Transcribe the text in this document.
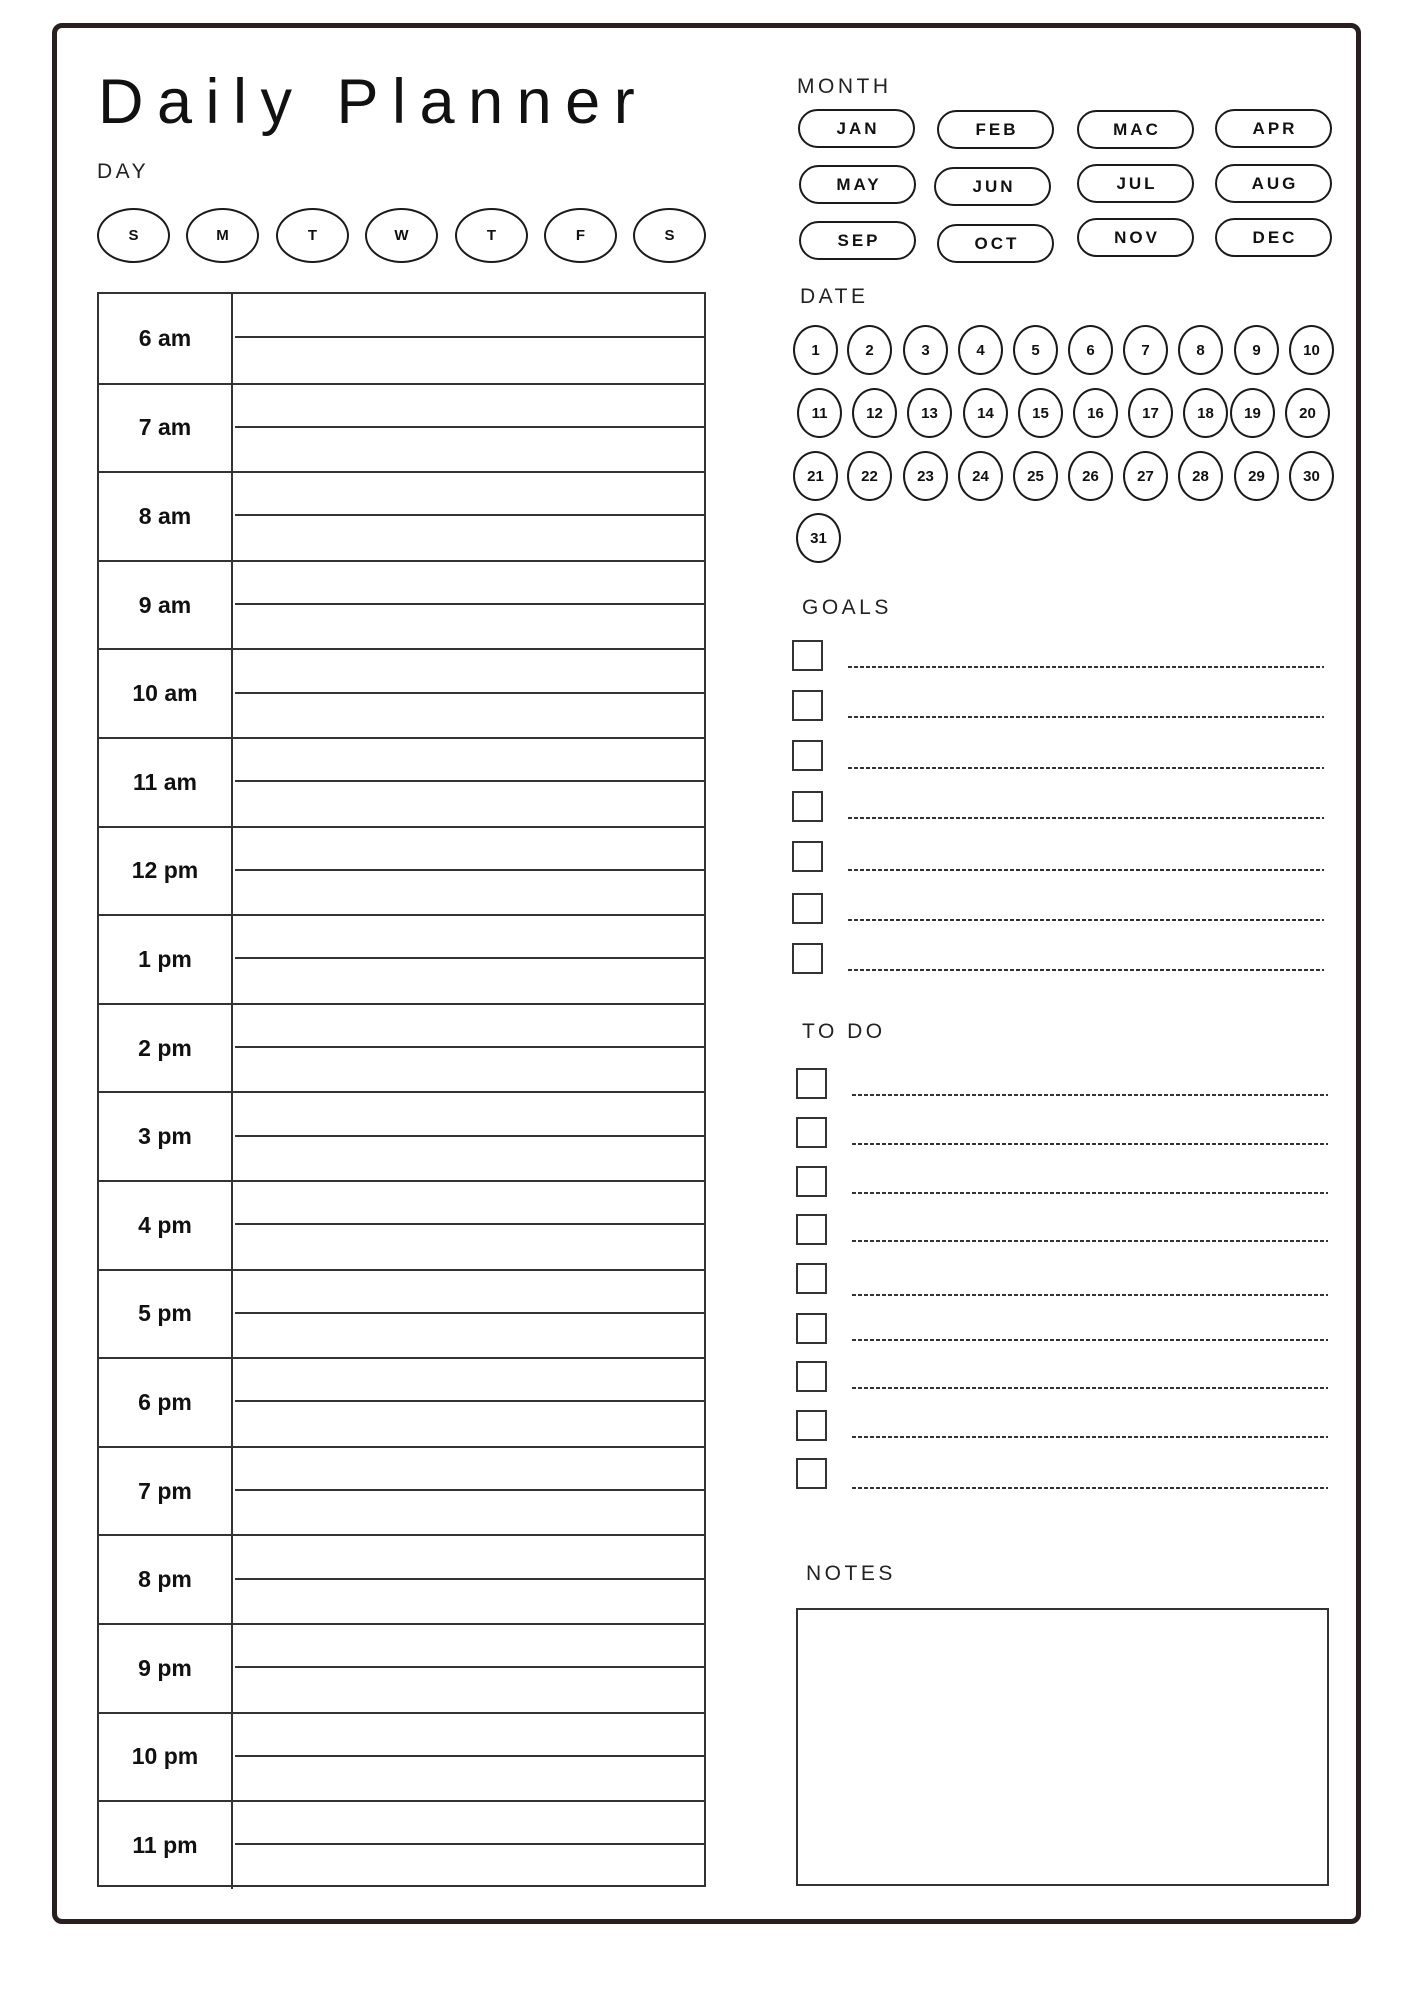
Daily Planner
DAY
S	M	T	W	T	F	S
6 am
7 am
8 am
9 am
10 am
11 am
12 pm
1 pm
2 pm
3 pm
4 pm
5 pm
6 pm
7 pm
8 pm
9 pm
10 pm
11 pm
MONTH
JAN	FEB	MAC	APR
MAY	JUN	JUL	AUG
SEP	OCT	NOV	DEC
DATE
1	2	3	4	5	6	7	8	9	10
11	12	13	14	15	16	17	18	19	20
21	22	23	24	25	26	27	28	29	30
31
GOALS
TO DO
NOTES
